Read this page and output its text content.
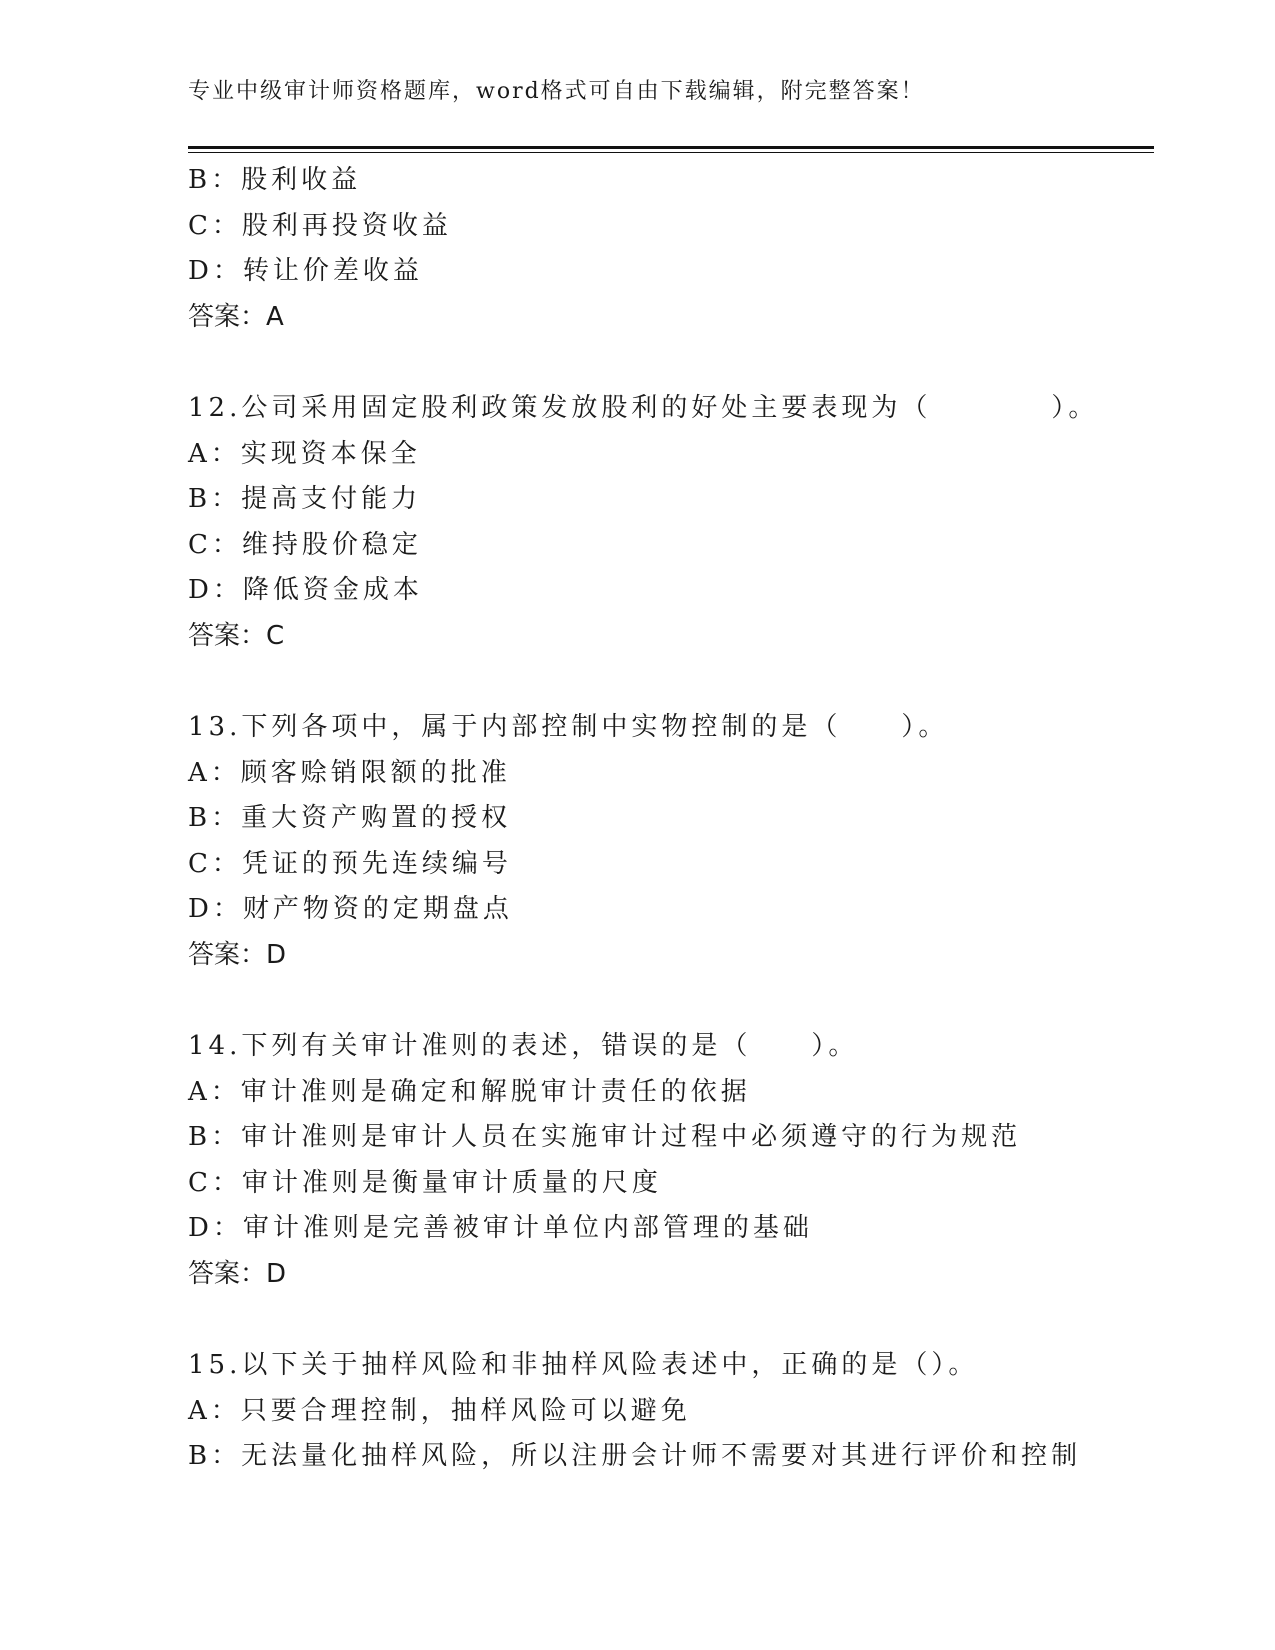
专业中级审计师资格题库，word格式可自由下载编辑，附完整答案！
B：股利收益
C：股利再投资收益
D：转让价差收益
答案：A
12.公司采用固定股利政策发放股利的好处主要表现为（　　　　）。
A：实现资本保全
B：提高支付能力
C：维持股价稳定
D：降低资金成本
答案：C
13.下列各项中，属于内部控制中实物控制的是（　　）。
A：顾客赊销限额的批准
B：重大资产购置的授权
C：凭证的预先连续编号
D：财产物资的定期盘点
答案：D
14.下列有关审计准则的表述，错误的是（　　）。
A：审计准则是确定和解脱审计责任的依据
B：审计准则是审计人员在实施审计过程中必须遵守的行为规范
C：审计准则是衡量审计质量的尺度
D：审计准则是完善被审计单位内部管理的基础
答案：D
15.以下关于抽样风险和非抽样风险表述中，正确的是（）。
A：只要合理控制，抽样风险可以避免
B：无法量化抽样风险，所以注册会计师不需要对其进行评价和控制
